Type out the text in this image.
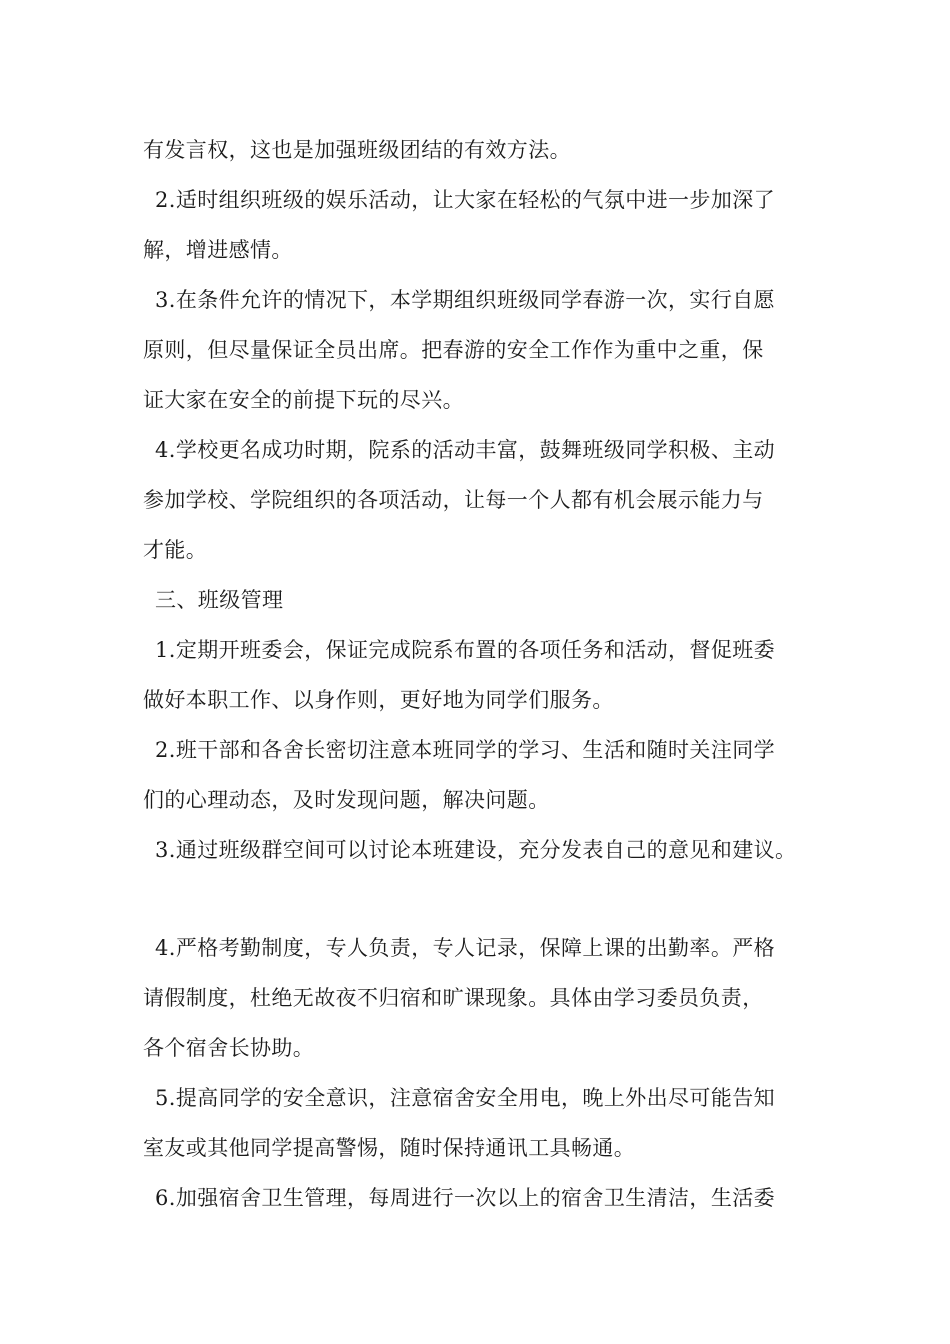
有发言权，这也是加强班级团结的有效方法。
2.适时组织班级的娱乐活动，让大家在轻松的气氛中进一步加深了
解，增进感情。
3.在条件允许的情况下，本学期组织班级同学春游一次，实行自愿
原则，但尽量保证全员出席。把春游的安全工作作为重中之重，保
证大家在安全的前提下玩的尽兴。
4.学校更名成功时期，院系的活动丰富，鼓舞班级同学积极、主动
参加学校、学院组织的各项活动，让每一个人都有机会展示能力与
才能。
三、班级管理
1.定期开班委会，保证完成院系布置的各项任务和活动，督促班委
做好本职工作、以身作则，更好地为同学们服务。
2.班干部和各舍长密切注意本班同学的学习、生活和随时关注同学
们的心理动态，及时发现问题，解决问题。
3.通过班级群空间可以讨论本班建设，充分发表自己的意见和建议。
4.严格考勤制度，专人负责，专人记录，保障上课的出勤率。严格
请假制度，杜绝无故夜不归宿和旷课现象。具体由学习委员负责，
各个宿舍长协助。
5.提高同学的安全意识，注意宿舍安全用电，晚上外出尽可能告知
室友或其他同学提高警惕，随时保持通讯工具畅通。
6.加强宿舍卫生管理，每周进行一次以上的宿舍卫生清洁，生活委
